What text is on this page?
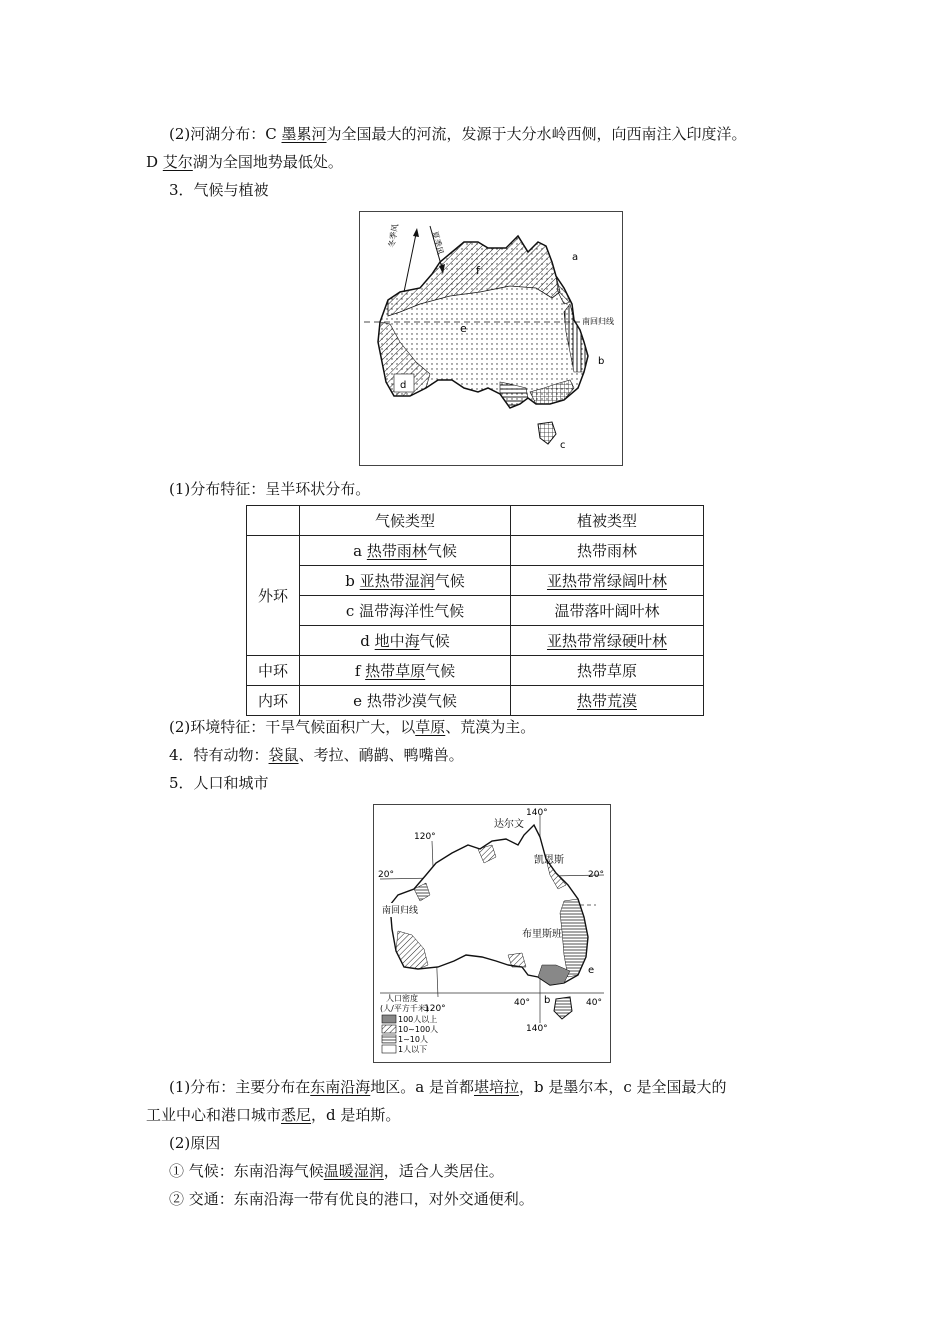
(2)河湖分布：C 墨累河为全国最大的河流，发源于大分水岭西侧，向西南注入印度洋。
D 艾尔湖为全国地势最低处。
3．气候与植被
冬季风	夏季风
南回归线
a
b
c
d
e
f
(1)分布特征：呈半环状分布。
	气候类型	植被类型
外环	a 热带雨林气候	热带雨林
	b 亚热带湿润气候	亚热带常绿阔叶林
	c 温带海洋性气候	温带落叶阔叶林
	d 地中海气候	亚热带常绿硬叶林
中环	f 热带草原气候	热带草原
内环	e 热带沙漠气候	热带荒漠
(2)环境特征：干旱气候面积广大，以草原、荒漠为主。
4．特有动物：袋鼠、考拉、鸸鹋、鸭嘴兽。
5．人口和城市
140°
120°
20°	20°
南回归线
达尔文
凯恩斯
布里斯班
120°
40°	40°
140°
b
e
人口密度
(人/平方千米)
100人以上
10~100人
1~10人
1人以下
(1)分布：主要分布在东南沿海地区。a 是首都堪培拉，b 是墨尔本，c 是全国最大的
工业中心和港口城市悉尼，d 是珀斯。
(2)原因
① 气候：东南沿海气候温暖湿润，适合人类居住。
② 交通：东南沿海一带有优良的港口，对外交通便利。
